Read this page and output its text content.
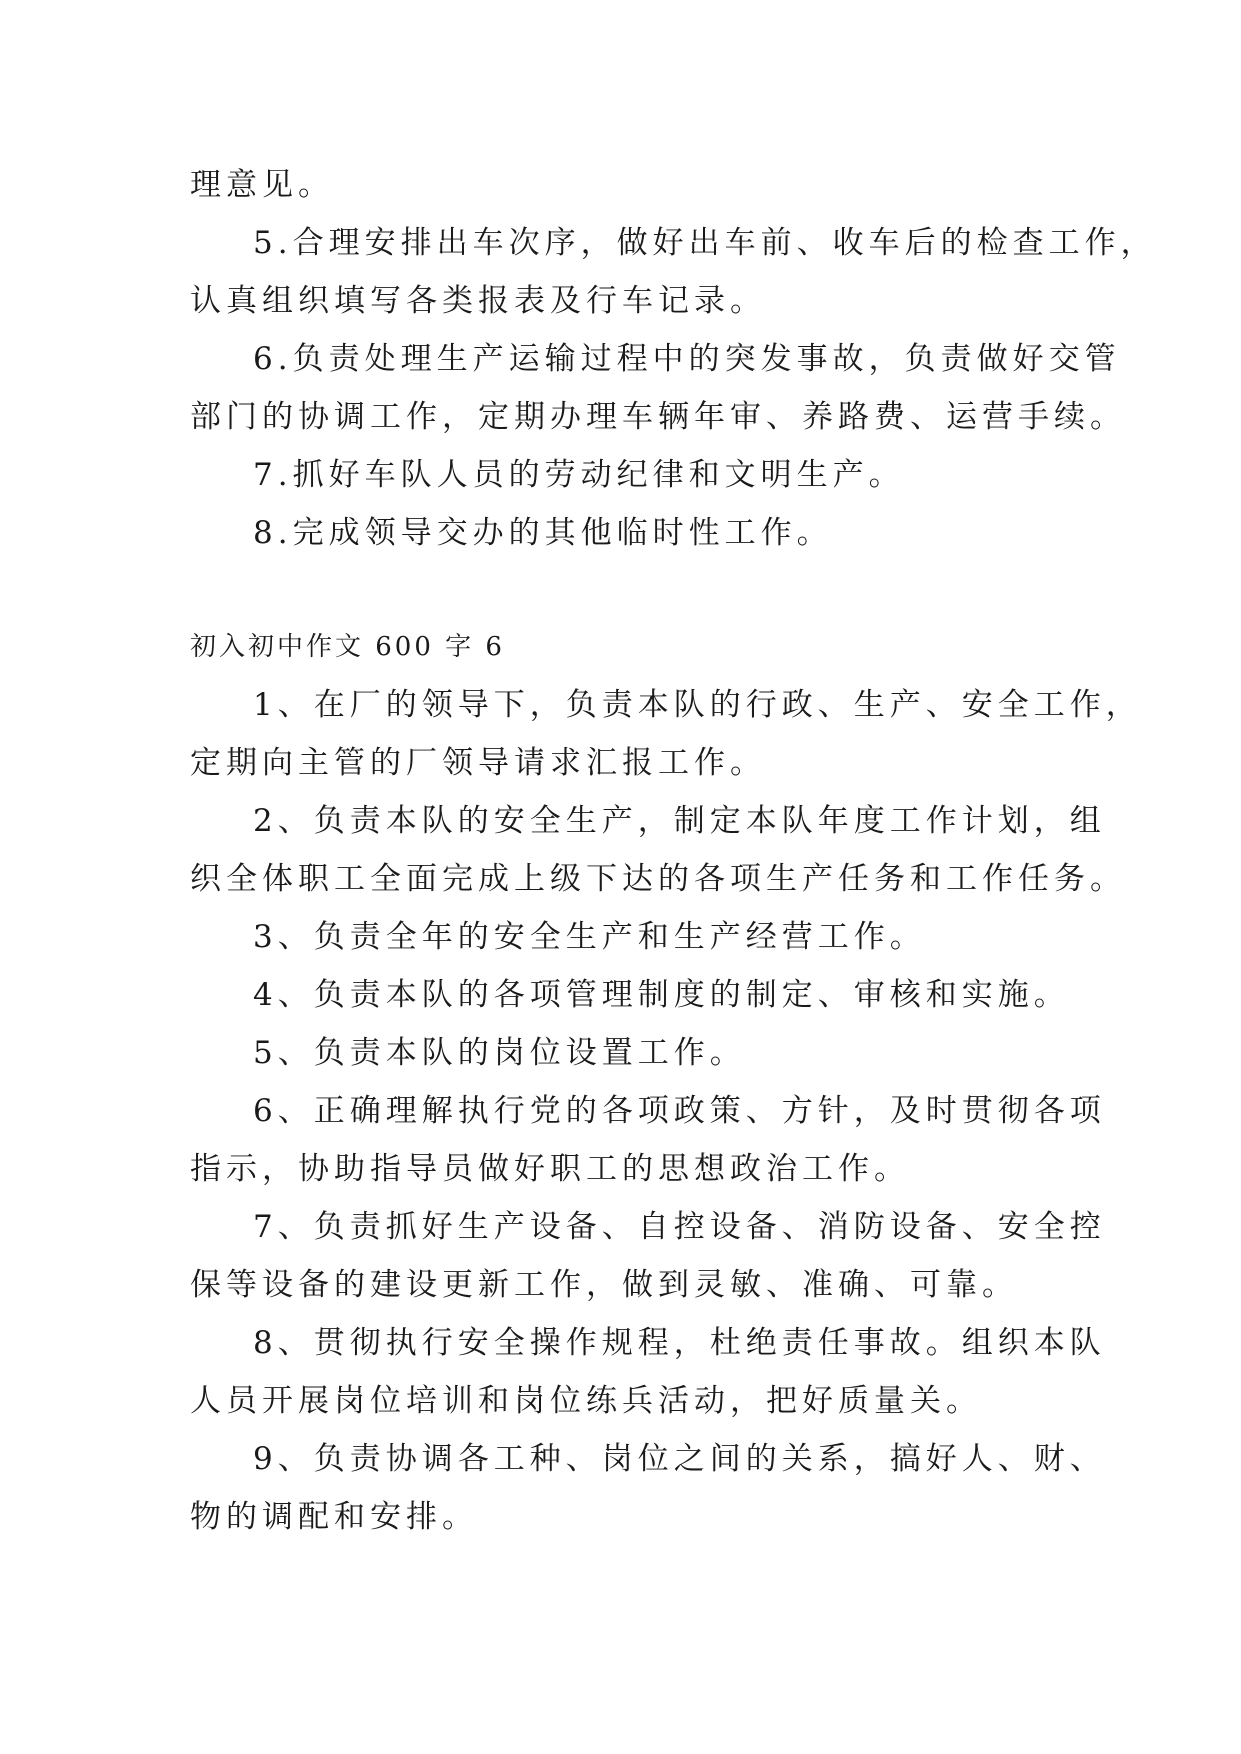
理意见。
5.合理安排出车次序，做好出车前、收车后的检查工作，
认真组织填写各类报表及行车记录。
6.负责处理生产运输过程中的突发事故，负责做好交管
部门的协调工作，定期办理车辆年审、养路费、运营手续。
7.抓好车队人员的劳动纪律和文明生产。
8.完成领导交办的其他临时性工作。
初入初中作文 600 字 6
1、在厂的领导下，负责本队的行政、生产、安全工作，
定期向主管的厂领导请求汇报工作。
2、负责本队的安全生产，制定本队年度工作计划，组
织全体职工全面完成上级下达的各项生产任务和工作任务。
3、负责全年的安全生产和生产经营工作。
4、负责本队的各项管理制度的制定、审核和实施。
5、负责本队的岗位设置工作。
6、正确理解执行党的各项政策、方针，及时贯彻各项
指示，协助指导员做好职工的思想政治工作。
7、负责抓好生产设备、自控设备、消防设备、安全控
保等设备的建设更新工作，做到灵敏、准确、可靠。
8、贯彻执行安全操作规程，杜绝责任事故。组织本队
人员开展岗位培训和岗位练兵活动，把好质量关。
9、负责协调各工种、岗位之间的关系，搞好人、财、
物的调配和安排。
